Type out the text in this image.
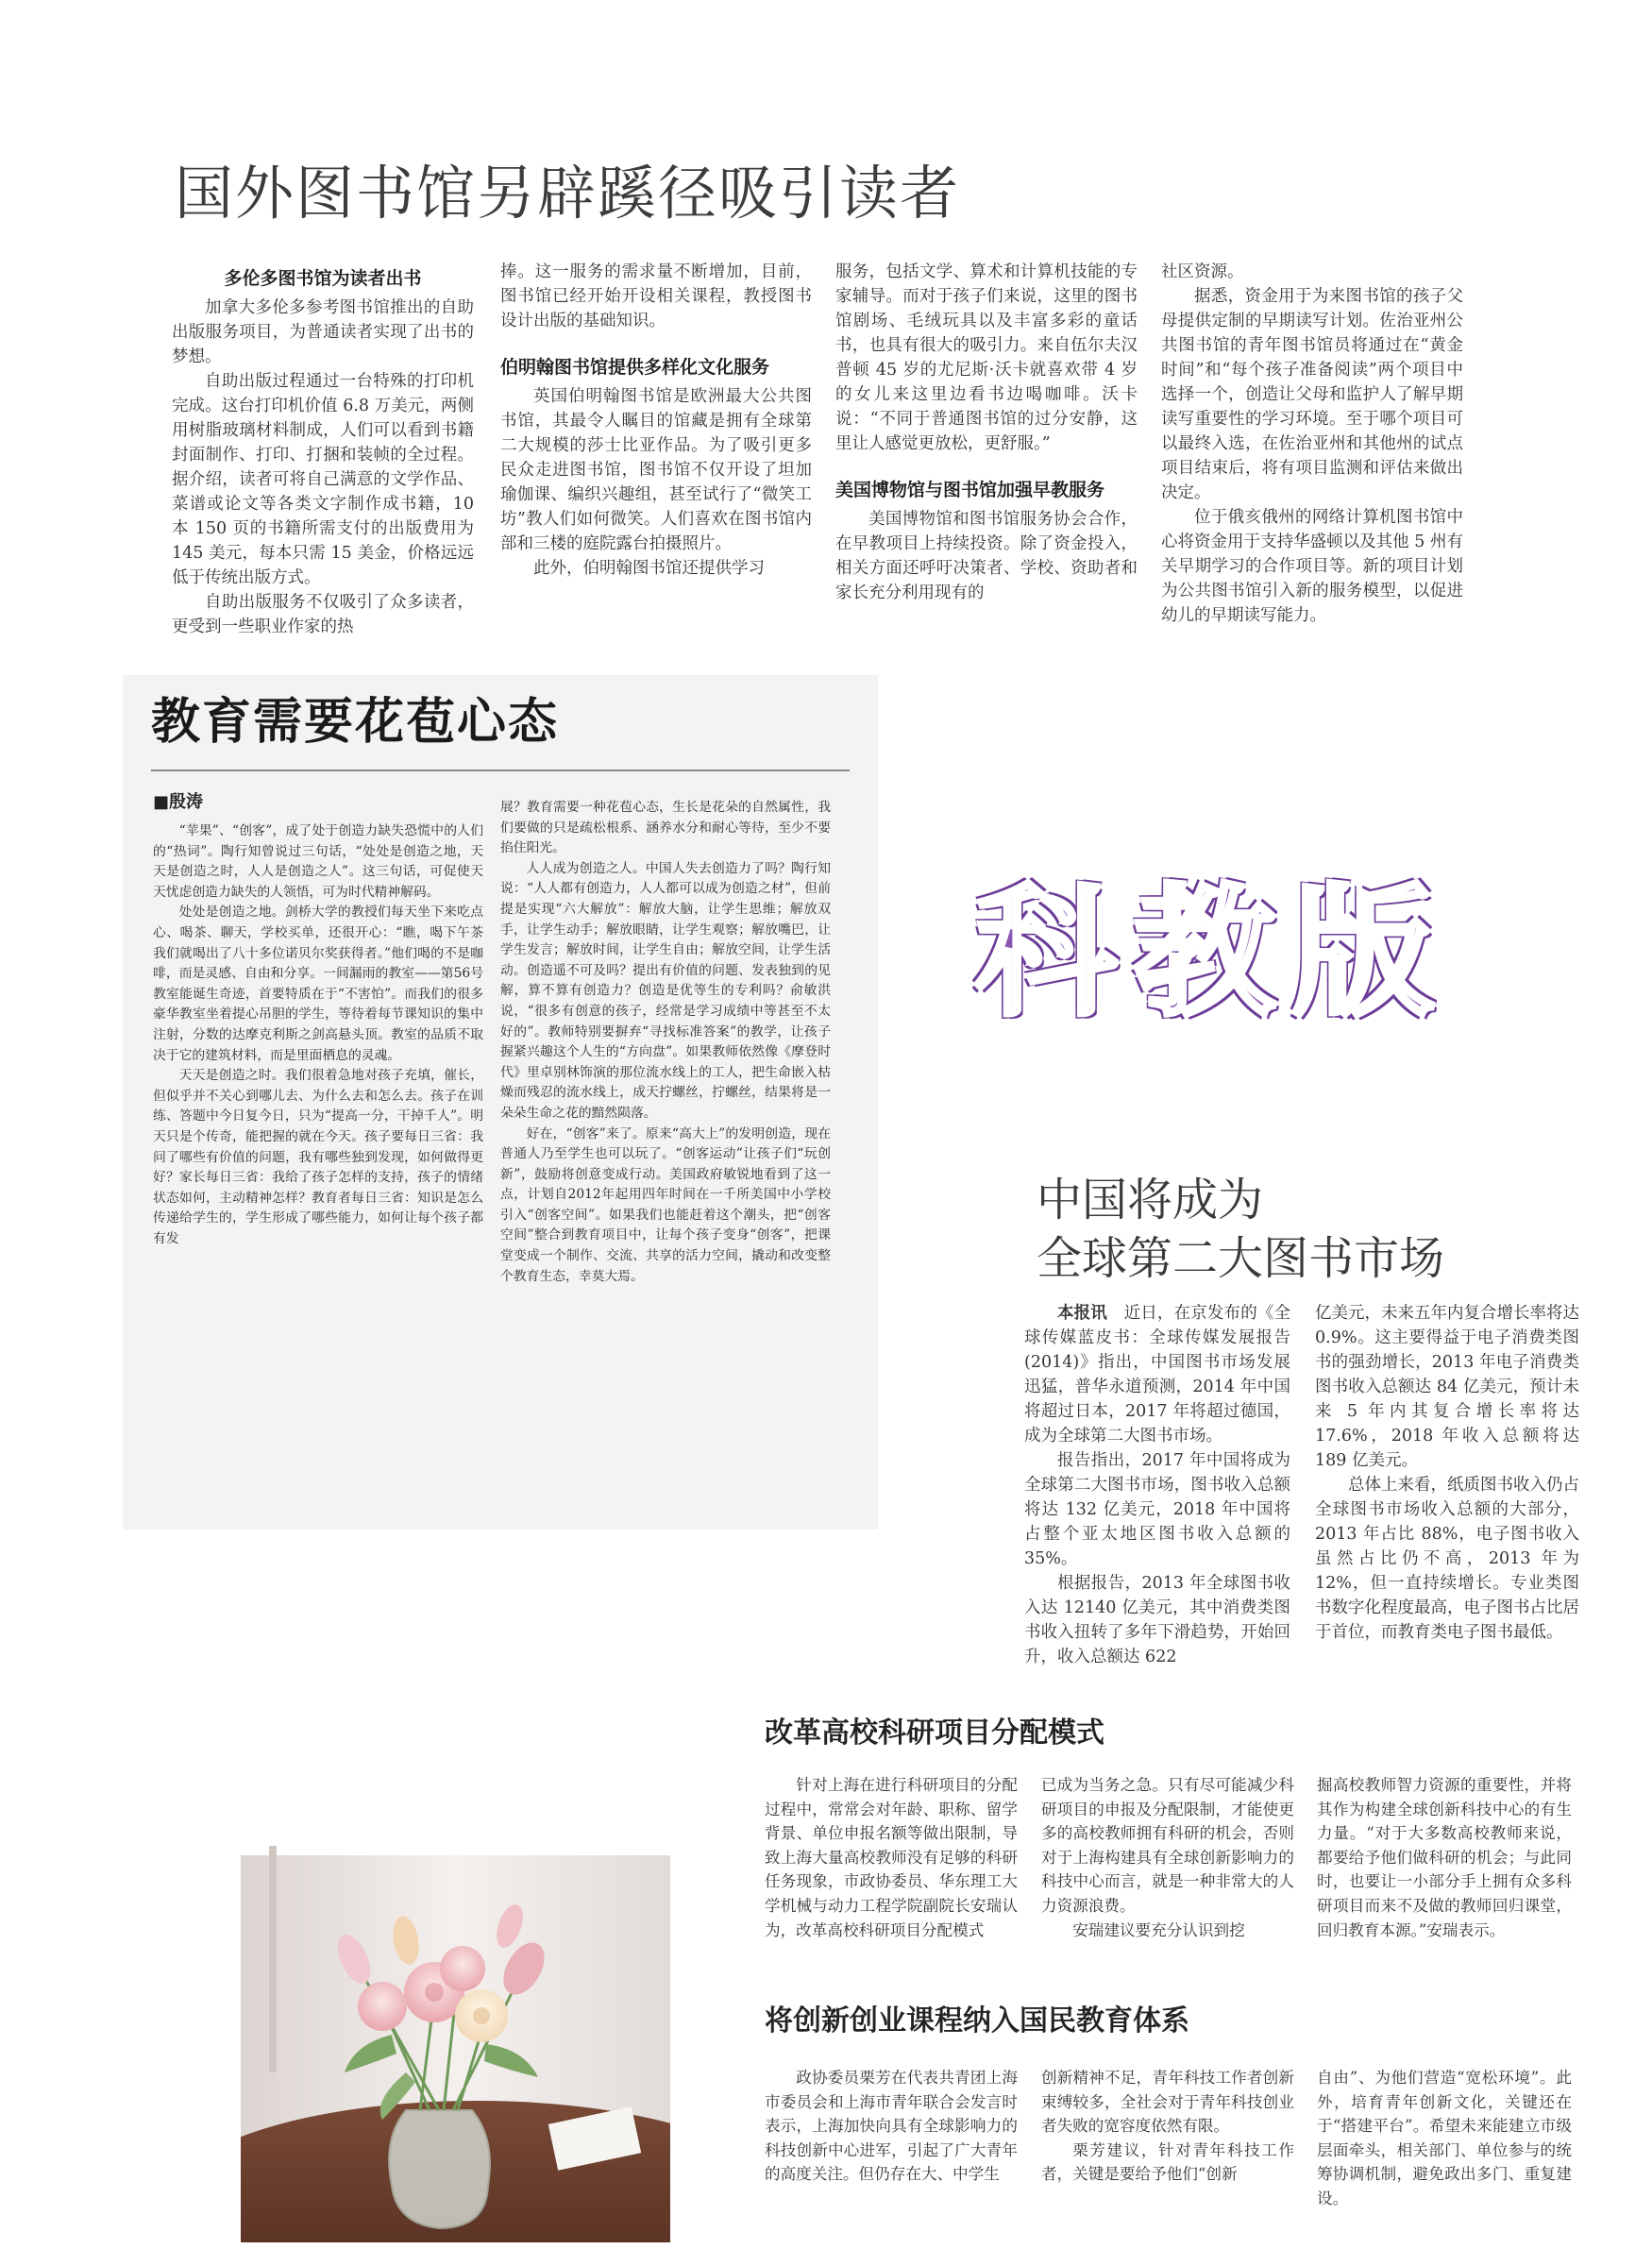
国外图书馆另辟蹊径吸引读者
多伦多图书馆为读者出书

加拿大多伦多参考图书馆推出的自助出版服务项目，为普通读者实现了出书的梦想。

自助出版过程通过一台特殊的打印机完成。这台打印机价值 6.8 万美元，两侧用树脂玻璃材料制成，人们可以看到书籍封面制作、打印、打捆和装帧的全过程。据介绍，读者可将自己满意的文学作品、菜谱或论文等各类文字制作成书籍，10 本 150 页的书籍所需支付的出版费用为 145 美元，每本只需 15 美金，价格远远低于传统出版方式。

自助出版服务不仅吸引了众多读者，更受到一些职业作家的热

捧。这一服务的需求量不断增加，目前，图书馆已经开始开设相关课程，教授图书设计出版的基础知识。

伯明翰图书馆提供多样化文化服务

英国伯明翰图书馆是欧洲最大公共图书馆，其最令人瞩目的馆藏是拥有全球第二大规模的莎士比亚作品。为了吸引更多民众走进图书馆，图书馆不仅开设了坦加瑜伽课、编织兴趣组，甚至试行了“微笑工坊”教人们如何微笑。人们喜欢在图书馆内部和三楼的庭院露台拍摄照片。

此外，伯明翰图书馆还提供学习

服务，包括文学、算术和计算机技能的专家辅导。而对于孩子们来说，这里的图书馆剧场、毛绒玩具以及丰富多彩的童话书，也具有很大的吸引力。来自伍尔夫汉普顿 45 岁的尤尼斯·沃卡就喜欢带 4 岁的女儿来这里边看书边喝咖啡。沃卡说：“不同于普通图书馆的过分安静，这里让人感觉更放松，更舒服。”

美国博物馆与图书馆加强早教服务

美国博物馆和图书馆服务协会合作，在早教项目上持续投资。除了资金投入，相关方面还呼吁决策者、学校、资助者和家长充分利用现有的

社区资源。

据悉，资金用于为来图书馆的孩子父母提供定制的早期读写计划。佐治亚州公共图书馆的青年图书馆员将通过在“黄金时间”和“每个孩子准备阅读”两个项目中选择一个，创造让父母和监护人了解早期读写重要性的学习环境。至于哪个项目可以最终入选，在佐治亚州和其他州的试点项目结束后，将有项目监测和评估来做出决定。

位于俄亥俄州的网络计算机图书馆中心将资金用于支持华盛顿以及其他 5 州有关早期学习的合作项目等。新的项目计划为公共图书馆引入新的服务模型，以促进幼儿的早期读写能力。

教育需要花苞心态
■殷涛

“苹果”、“创客”，成了处于创造力缺失恐慌中的人们的“热词”。陶行知曾说过三句话，“处处是创造之地，天天是创造之时，人人是创造之人”。这三句话，可促使天天忧虑创造力缺失的人领悟，可为时代精神解码。

处处是创造之地。剑桥大学的教授们每天坐下来吃点心、喝茶、聊天，学校买单，还很开心：“瞧，喝下午茶我们就喝出了八十多位诺贝尔奖获得者。”他们喝的不是咖啡，而是灵感、自由和分享。一间漏雨的教室——第56号教室能诞生奇迹，首要特质在于“不害怕”。而我们的很多豪华教室坐着提心吊胆的学生，等待着每节课知识的集中注射，分数的达摩克利斯之剑高悬头顶。教室的品质不取决于它的建筑材料，而是里面栖息的灵魂。

天天是创造之时。我们很着急地对孩子充填，催长，但似乎并不关心到哪儿去、为什么去和怎么去。孩子在训练、答题中今日复今日，只为“提高一分，干掉千人”。明天只是个传奇，能把握的就在今天。孩子要每日三省：我问了哪些有价值的问题，我有哪些独到发现，如何做得更好？家长每日三省：我给了孩子怎样的支持，孩子的情绪状态如何，主动精神怎样？教育者每日三省：知识是怎么传递给学生的，学生形成了哪些能力，如何让每个孩子都有发

展？教育需要一种花苞心态，生长是花朵的自然属性，我们要做的只是疏松根系、涵养水分和耐心等待，至少不要掐住阳光。

人人成为创造之人。中国人失去创造力了吗？陶行知说：“人人都有创造力，人人都可以成为创造之材”，但前提是实现“六大解放”：解放大脑，让学生思维；解放双手，让学生动手；解放眼睛，让学生观察；解放嘴巴，让学生发言；解放时间，让学生自由；解放空间，让学生活动。创造遥不可及吗？提出有价值的问题、发表独到的见解，算不算有创造力？创造是优等生的专利吗？俞敏洪说，“很多有创意的孩子，经常是学习成绩中等甚至不太好的”。教师特别要摒弃“寻找标准答案”的教学，让孩子握紧兴趣这个人生的“方向盘”。如果教师依然像《摩登时代》里卓别林饰演的那位流水线上的工人，把生命嵌入枯燥而残忍的流水线上，成天拧螺丝，拧螺丝，结果将是一朵朵生命之花的黯然陨落。

好在，“创客”来了。原来“高大上”的发明创造，现在普通人乃至学生也可以玩了。“创客运动”让孩子们“玩创新”，鼓励将创意变成行动。美国政府敏锐地看到了这一点，计划自2012年起用四年时间在一千所美国中小学校引入“创客空间”。如果我们也能赶着这个潮头，把“创客空间”整合到教育项目中，让每个孩子变身“创客”，把课堂变成一个制作、交流、共享的活力空间，撬动和改变整个教育生态，幸莫大焉。

科教版
中国将成为
全球第二大图书市场

本报讯　 近日，在京发布的《全球传媒蓝皮书：全球传媒发展报告(2014)》指出，中国图书市场发展迅猛，普华永道预测，2014 年中国将超过日本，2017 年将超过德国，成为全球第二大图书市场。

报告指出，2017 年中国将成为全球第二大图书市场，图书收入总额将达 132 亿美元，2018 年中国将占整个亚太地区图书收入总额的 35%。

根据报告，2013 年全球图书收入达 12140 亿美元，其中消费类图书收入扭转了多年下滑趋势，开始回升，收入总额达 622

亿美元，未来五年内复合增长率将达 0.9%。这主要得益于电子消费类图书的强劲增长，2013 年电子消费类图书收入总额达 84 亿美元，预计未来 5 年内其复合增长率将达 17.6%，2018 年收入总额将达 189 亿美元。

总体上来看，纸质图书收入仍占全球图书市场收入总额的大部分，2013 年占比 88%，电子图书收入虽然占比仍不高，2013 年为 12%，但一直持续增长。专业类图书数字化程度最高，电子图书占比居于首位，而教育类电子图书最低。

改革高校科研项目分配模式

针对上海在进行科研项目的分配过程中，常常会对年龄、职称、留学背景、单位申报名额等做出限制，导致上海大量高校教师没有足够的科研任务现象，市政协委员、华东理工大学机械与动力工程学院副院长安瑞认为，改革高校科研项目分配模式

已成为当务之急。只有尽可能减少科研项目的申报及分配限制，才能使更多的高校教师拥有科研的机会，否则对于上海构建具有全球创新影响力的科技中心而言，就是一种非常大的人力资源浪费。

安瑞建议要充分认识到挖

掘高校教师智力资源的重要性，并将其作为构建全球创新科技中心的有生力量。“对于大多数高校教师来说，都要给予他们做科研的机会；与此同时，也要让一小部分手上拥有众多科研项目而来不及做的教师回归课堂，回归教育本源。”安瑞表示。

将创新创业课程纳入国民教育体系

政协委员栗芳在代表共青团上海市委员会和上海市青年联合会发言时表示，上海加快向具有全球影响力的科技创新中心进军，引起了广大青年的高度关注。但仍存在大、中学生

创新精神不足，青年科技工作者创新束缚较多，全社会对于青年科技创业者失败的宽容度依然有限。

栗芳建议，针对青年科技工作者，关键是要给予他们“创新

自由”、为他们营造“宽松环境”。此外，培育青年创新文化，关键还在于“搭建平台”。希望未来能建立市级层面牵头，相关部门、单位参与的统筹协调机制，避免政出多门、重复建设。
